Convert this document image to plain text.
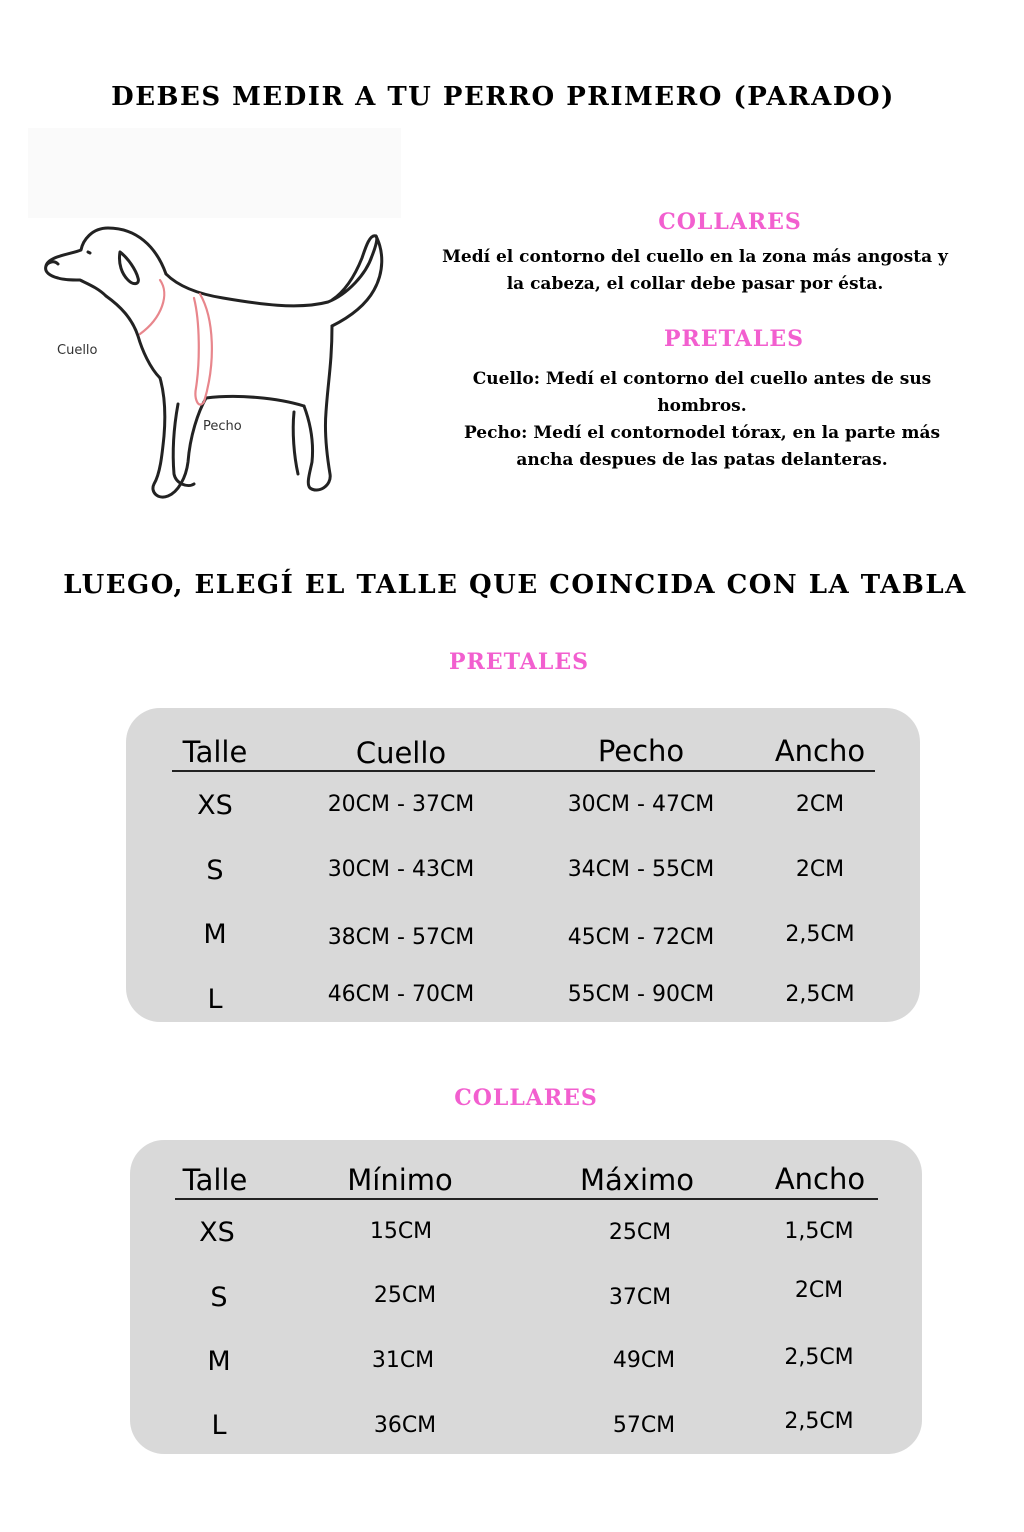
DEBES MEDIR A TU PERRO PRIMERO (PARADO)
Cuello
Pecho
COLLARES
Medí el contorno del cuello en la zona más angosta y
la cabeza, el collar debe pasar por ésta.
PRETALES
Cuello: Medí el contorno del cuello antes de sus
hombros.
Pecho: Medí el contornodel tórax, en la parte más
ancha despues de las patas delanteras.
LUEGO, ELEGÍ EL TALLE QUE COINCIDA CON LA TABLA
PRETALES
Talle	Cuello	Pecho	Ancho
XS	20CM - 37CM	30CM - 47CM	2CM
S	30CM - 43CM	34CM - 55CM	2CM
M	38CM - 57CM	45CM - 72CM	2,5CM
L	46CM - 70CM	55CM - 90CM	2,5CM
COLLARES
Talle	Mínimo	Máximo	Ancho
XS	15CM	25CM	1,5CM
S	25CM	37CM	2CM
M	31CM	49CM	2,5CM
L	36CM	57CM	2,5CM
